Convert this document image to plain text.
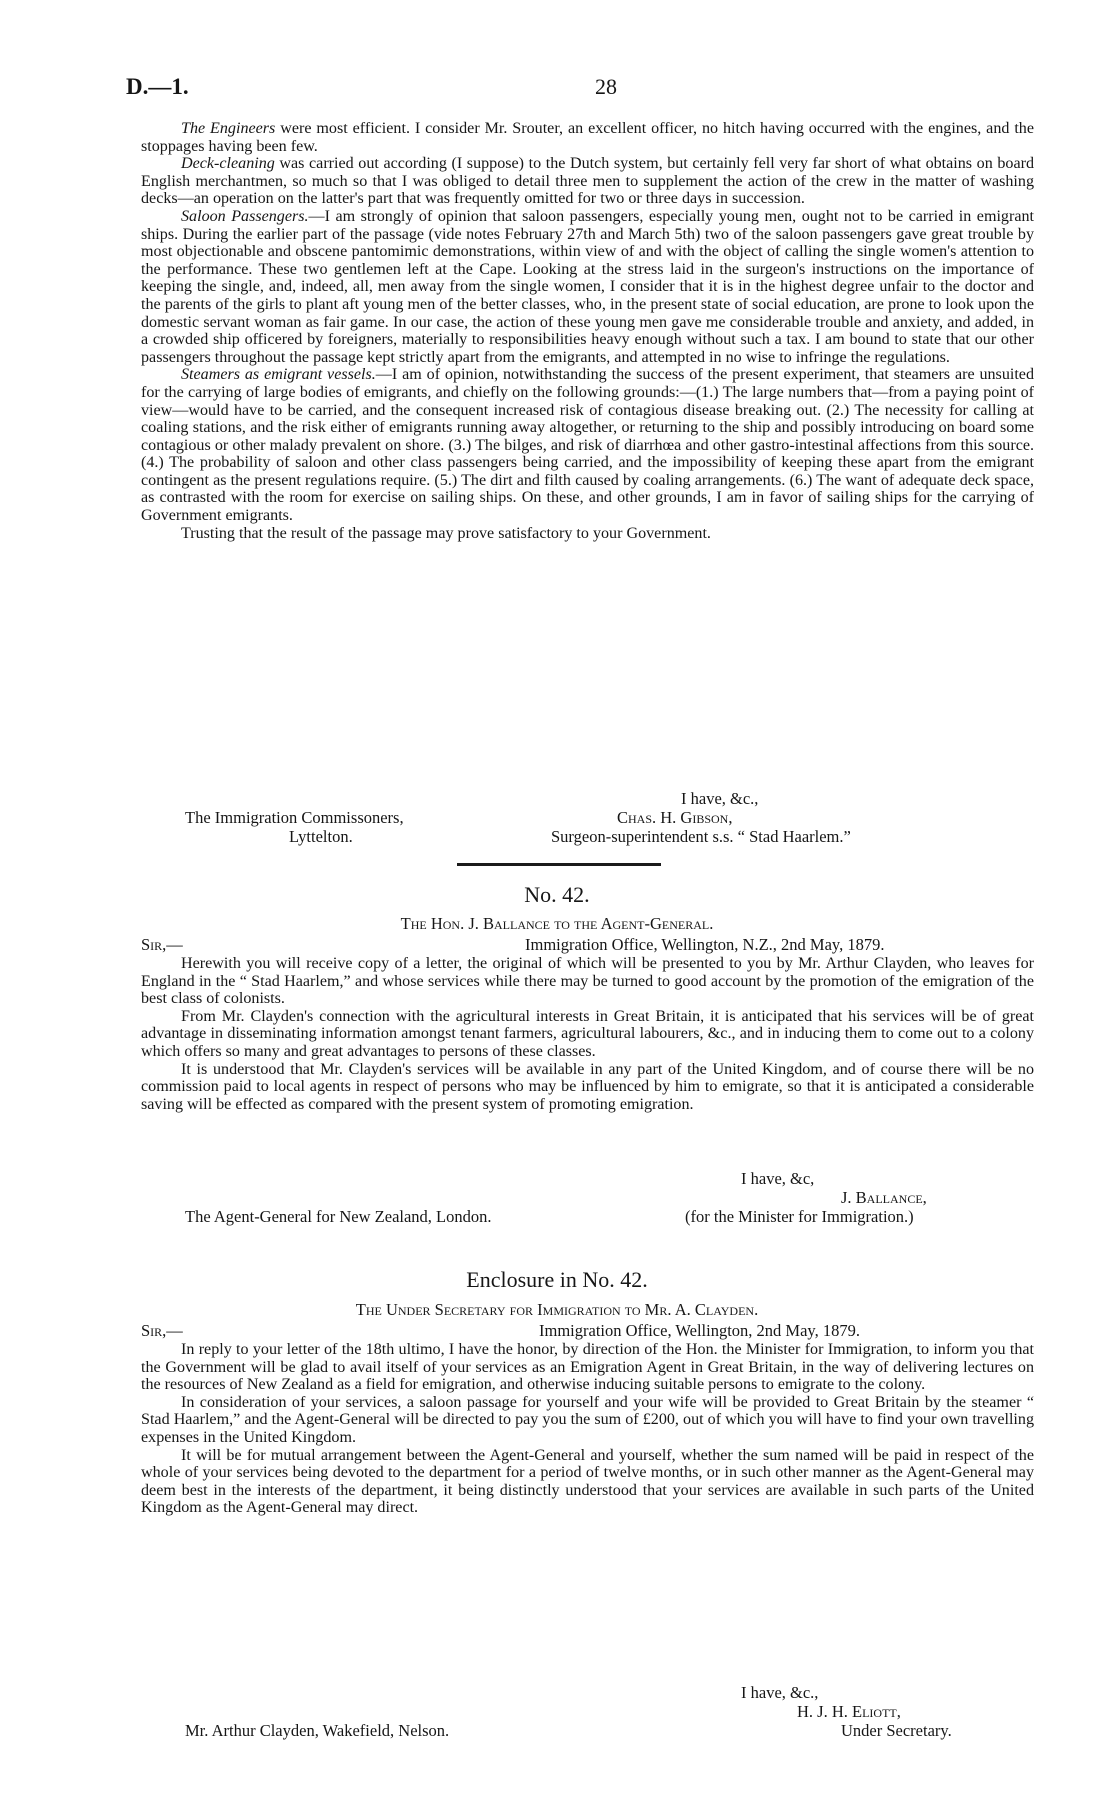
D.—1.	28

The Engineers were most efficient. I consider Mr. Srouter, an excellent officer, no hitch having occurred with the engines, and the stoppages having been few.

Deck-cleaning was carried out according (I suppose) to the Dutch system, but certainly fell very far short of what obtains on board English merchantmen, so much so that I was obliged to detail three men to supplement the action of the crew in the matter of washing decks—an operation on the latter's part that was frequently omitted for two or three days in succession.

Saloon Passengers.—I am strongly of opinion that saloon passengers, especially young men, ought not to be carried in emigrant ships. During the earlier part of the passage (vide notes February 27th and March 5th) two of the saloon passengers gave great trouble by most objectionable and obscene pantomimic demonstrations, within view of and with the object of calling the single women's attention to the performance. These two gentlemen left at the Cape. Looking at the stress laid in the surgeon's instructions on the importance of keeping the single, and, indeed, all, men away from the single women, I consider that it is in the highest degree unfair to the doctor and the parents of the girls to plant aft young men of the better classes, who, in the present state of social education, are prone to look upon the domestic servant woman as fair game. In our case, the action of these young men gave me considerable trouble and anxiety, and added, in a crowded ship officered by foreigners, materially to responsibilities heavy enough without such a tax. I am bound to state that our other passengers throughout the passage kept strictly apart from the emigrants, and attempted in no wise to infringe the regulations.

Steamers as emigrant vessels.—I am of opinion, notwithstanding the success of the present experiment, that steamers are unsuited for the carrying of large bodies of emigrants, and chiefly on the following grounds:—(1.) The large numbers that—from a paying point of view—would have to be carried, and the consequent increased risk of contagious disease breaking out. (2.) The necessity for calling at coaling stations, and the risk either of emigrants running away altogether, or returning to the ship and possibly introducing on board some contagious or other malady prevalent on shore. (3.) The bilges, and risk of diarrhœa and other gastro-intestinal affections from this source. (4.) The probability of saloon and other class passengers being carried, and the impossibility of keeping these apart from the emigrant contingent as the present regulations require. (5.) The dirt and filth caused by coaling arrangements. (6.) The want of adequate deck space, as contrasted with the room for exercise on sailing ships. On these, and other grounds, I am in favor of sailing ships for the carrying of Government emigrants.

Trusting that the result of the passage may prove satisfactory to your Government.

I have, &c.,
The Immigration Commissoners,	Chas. H. Gibson,
Lyttelton.	Surgeon-superintendent s.s. “ Stad Haarlem.”
No. 42.
The Hon. J. Ballance to the Agent-General.
Sir,—	Immigration Office, Wellington, N.Z., 2nd May, 1879.

Herewith you will receive copy of a letter, the original of which will be presented to you by Mr. Arthur Clayden, who leaves for England in the “ Stad Haarlem,” and whose services while there may be turned to good account by the promotion of the emigration of the best class of colonists.

From Mr. Clayden's connection with the agricultural interests in Great Britain, it is anticipated that his services will be of great advantage in disseminating information amongst tenant farmers, agricultural labourers, &c., and in inducing them to come out to a colony which offers so many and great advantages to persons of these classes.

It is understood that Mr. Clayden's services will be available in any part of the United Kingdom, and of course there will be no commission paid to local agents in respect of persons who may be influenced by him to emigrate, so that it is anticipated a considerable saving will be effected as compared with the present system of promoting emigration.

I have, &c,
J. Ballance,
The Agent-General for New Zealand, London.	(for the Minister for Immigration.)
Enclosure in No. 42.
The Under Secretary for Immigration to Mr. A. Clayden.
Sir,—	Immigration Office, Wellington, 2nd May, 1879.

In reply to your letter of the 18th ultimo, I have the honor, by direction of the Hon. the Minister for Immigration, to inform you that the Government will be glad to avail itself of your services as an Emigration Agent in Great Britain, in the way of delivering lectures on the resources of New Zealand as a field for emigration, and otherwise inducing suitable persons to emigrate to the colony.

In consideration of your services, a saloon passage for yourself and your wife will be provided to Great Britain by the steamer “ Stad Haarlem,” and the Agent-General will be directed to pay you the sum of £200, out of which you will have to find your own travelling expenses in the United Kingdom.

It will be for mutual arrangement between the Agent-General and yourself, whether the sum named will be paid in respect of the whole of your services being devoted to the department for a period of twelve months, or in such other manner as the Agent-General may deem best in the interests of the department, it being distinctly understood that your services are available in such parts of the United Kingdom as the Agent-General may direct.

I have, &c.,
H. J. H. Eliott,
Mr. Arthur Clayden, Wakefield, Nelson.	Under Secretary.
